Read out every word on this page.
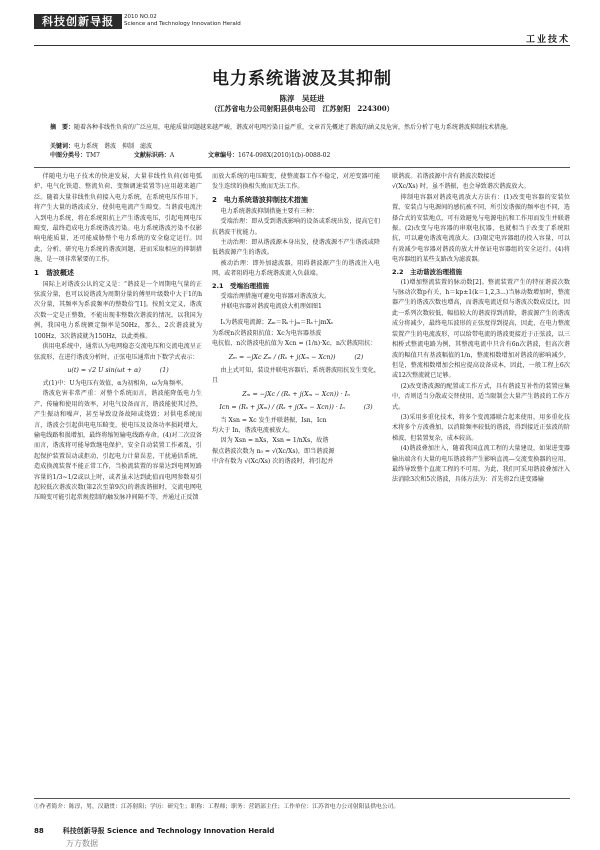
科技创新导报	2010 NO.02
Science and Technology Innovation Herald
工业技术
电力系统谐波及其抑制
陈淳　吴廷进
（江苏省电力公司射阳县供电公司　江苏射阳　224300）
摘　要：随着各种非线性负荷的广泛应用，电能质量问题越来越严峻，谐波对电网污染日益严重，文章首先概述了谐波的涵义及危害，然后分析了电力系统谐波抑制技术措施。
关键词：电力系统　谐波　抑制　滤波
中图分类号：TM7	文献标识码：A	文章编号：1674-098X(2010)1(b)-0088-02

伴随电力电子技术的快速发展，大量非线性负荷(如电弧炉、电气化铁道、整流负荷、变频调速装置等)应用越来越广泛。随着大量非线性负荷接入电力系统，在系统电压作用下，将产生大量的谐波成分，使供电电流产生畸变。当谐波电流注入到电力系统，将在系统阻抗上产生谐波电压，引起电网电压畸变，最终造成电力系统谐波污染。电力系统谐波污染不仅影响电能质量，还可能威胁整个电力系统的安全稳定运行。因此，分析、研究电力系统的谐波问题，进而采取相应的抑制措施，是一项非常紧要的工作。

1　谐波概述

国际上对谐波公认的定义是：“谐波是一个周期电气量的正弦波分量，也可以说谐波为周期分量的傅里叶级数中大于1的h次分量，其频率为系波频率的整数倍”[1]。按照文定义，谐波次数一定是正整数，不能出现非整数次谐波的情况，以我国为例，我国电力系统额定频率是50Hz，那么，2次谐波就为100Hz，3次谐波就为150Hz，以此类推。

供用电系统中，通常认为电网稳态交流电压和交流电流呈正弦波形，在进行谐波分析时，正弦电压通常由下数学式表示：

u(t) = √2 U sin(ωt + α)　　　(1)

式(1)中：U为电压有效值，α为初相角，ω为角频率。

谐波危害非常严重：对整个系统而言，谐波能降低电力生产、传输和使用的效率，对电气设备而言，谐波能使其过热，产生振动和噪声，甚至导致设备故障或烧毁；对供电系统而言，谐波会引起供电电压畸变，使电压及设备功率损耗增大，输电线路和损增加，最终将缩短输电线路寿命。(4)对二次设备而言，谐波将可能导致继电保护、安全自动装置工作紊乱，引起保护装置误动或拒动，引起电力计量误差，干扰通信系统，造成换流装置不能正常工作，当换流装置的容量达到电网短路容量的1/3~1/2或以上时，或者虽未达到此值而电网参数易引起较低次谐波次数(第2次至第9次)的谐波谐振时，交流电网电压畸变可能引起常规控制的触发脉冲间隔不等，并通过正反馈

而放大系统的电压畸变，使整流器工作不稳定，对逆变器可能发生连续的换相失败而无法工作。

2　电力系统谐波抑制技术措施

电力系统谐波抑制措施主要有三种：

受端治理：即从受到谐波影响的设备或系统出发，提高它们抗谐波干扰能力。

主动治理：即从谐波源本身出发，使谐波源不产生谐波或降低谐波源产生的谐波。

被动治理：即外加滤波器，阻碍谐波源产生的谐波注入电网，或者阻碍电力系统谐波流入负载端。

2.1　受端治理措施

受端治理措施可避免电容器对谐波放大。

并联电容器对谐波电流放大机理如图1

Iₛ为谐波电流源；Zₘ＝Rₛ＋jₘ＝Rₛ＋jmXₛ

为系统n次谐波阻抗值；Xc为电容器基波

电抗值，n次谐波电抗值为 Xcn = (1/n)·Xc，n次谐波阻抗：

Zₘ = −jXc Zₘ / (Rₛ + j(Xₘ − Xcn))　　　(2)

由上式可知，装设并联电容器后，系统谐波阻抗发生变化，且

Zₘ = −jXc / (Rₛ + j(Xₘ − Xcn)) · Iₙ
Icn = (Rₛ + jXₘ) / (Rₛ + j(Xₘ − Xcn)) · Iₙ　　　(3)

当 Xsn = Xc 发生并联谐振，Isn，Icn

均大于 In，谐波电流被放大。

因为 Xsn = nXs，Xsn = 1/nXs，故谐

振点谐波次数为 n₀ = √(Xc/Xs)，即当谐波源

中含有数为 √(Xc/Xs) 次的谐波时，将引起并

联谐波。若谐波源中含有谐波次数接近

√(Xc/Xs) 时，虽不谐振，也会导致谐次谐波放大。

抑制电容器对谐波电流放大方法有：(1)改变电容器的安装位置，安装点与电源间的感抗被不同，所引发谐振的频率也不同，选择合式的安装地点，可有效避免与电源电抗和工作用而发生并联谐振。(2)改变与电容器的串联电抗器，也就相当于改变了系统阻抗，可以避免谐波电流放大。(3)限定电容器组的投入容量，可以有效减少电容器对谐波的放大并保证电容器组的安全运行。(4)将电容器组的某些支路改为滤波器。

2.2　主动谐波治理措施

(1)增加整流装置的脉动数[2]。整流装置产生的特征谐波次数与脉动次数p有关，h＝kp±1(k＝1,2,3...)当脉动数增加时，整流器产生的谐波次数也增高，而谐波电流近似与谐波次数成反比，因此一系列次数较低、幅值较大的谐波得到消除，谐波源产生的谐波成分将减少，最终电压波形的正弦度得到提高，因此，在电力整流装置产生的电流波形，可以给带电流的谐波更接近于正弦波，以三相桥式整流电路为例，其整流电流中只含有6n次谐波，但高次谐波的幅值只有基波幅值的1/n，整流相数增加对谐波的影响减少，但是，整流相数增加会相应提高设备成本，因此，一般工程上6次或12次整流就已足够。

(2)改变谐波源的配置或工作方式，具有谐波互补性的装置应集中，否则适当分散或交替使用，适当限制会大量产生谐波的工作方式。

(3)采用多重化技术，将多个变流器联合起来使用，用多重化技术将多个方波叠加，以消除频率较低的谐波，得到接近正弦波的阶梯波，但装置复杂，成本较高。

(4)谐波叠加注入，随着我国直流工程的大量建设，如果进变器输出端含有大量的电压谐波将产生影响直流—交流变换器的应用，最终导致整个直流工程的不可用。为此，我们可采用谐波叠加注入法消除3次和5次谐波，具体方法为：首先将2台进变器输

①作者简介：陈淳，男，汉籍贯：江苏射阳；学历：研究生；职称：工程师；职务：营销部主任；工作单位：江苏省电力公司射阳县供电公司。
88	科技创新导报 Science and Technology Innovation Herald
万方数据
